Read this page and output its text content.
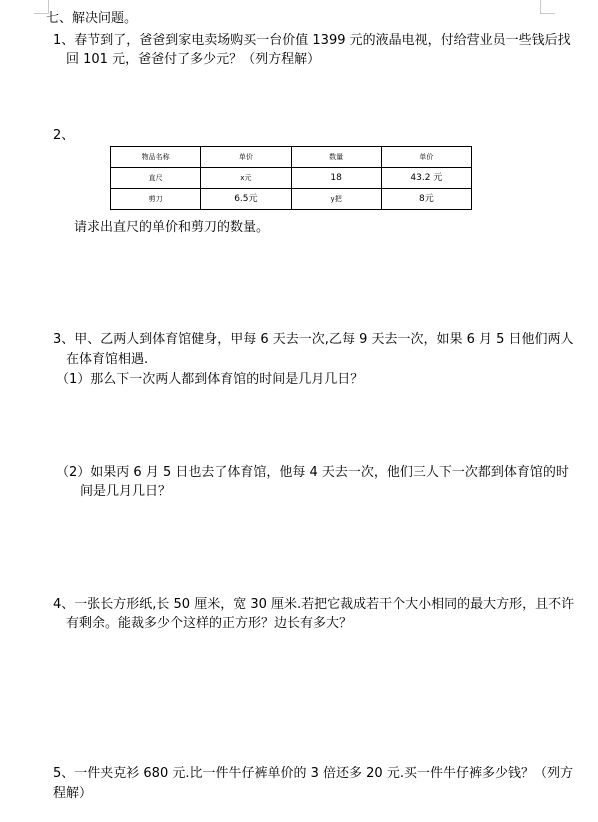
七、解决问题。
1、春节到了，爸爸到家电卖场购买一台价值 1399 元的液晶电视，付给营业员一些钱后找
回 101 元，爸爸付了多少元？（列方程解）
2、
物品名称	单价	数量	单价
直尺	x元	18	43.2 元
剪刀	6.5元	y把	8元
请求出直尺的单价和剪刀的数量。
3、甲、乙两人到体育馆健身，甲每 6 天去一次,乙每 9 天去一次，如果 6 月 5 日他们两人
在体育馆相遇.
（1）那么下一次两人都到体育馆的时间是几月几日？
（2）如果丙 6 月 5 日也去了体育馆，他每 4 天去一次，他们三人下一次都到体育馆的时
间是几月几日？
4、一张长方形纸,长 50 厘米，宽 30 厘米.若把它裁成若干个大小相同的最大方形，且不许
有剩余。能裁多少个这样的正方形？边长有多大？
5、一件夹克衫 680 元.比一件牛仔裤单价的 3 倍还多 20 元.买一件牛仔裤多少钱？（列方
程解）
